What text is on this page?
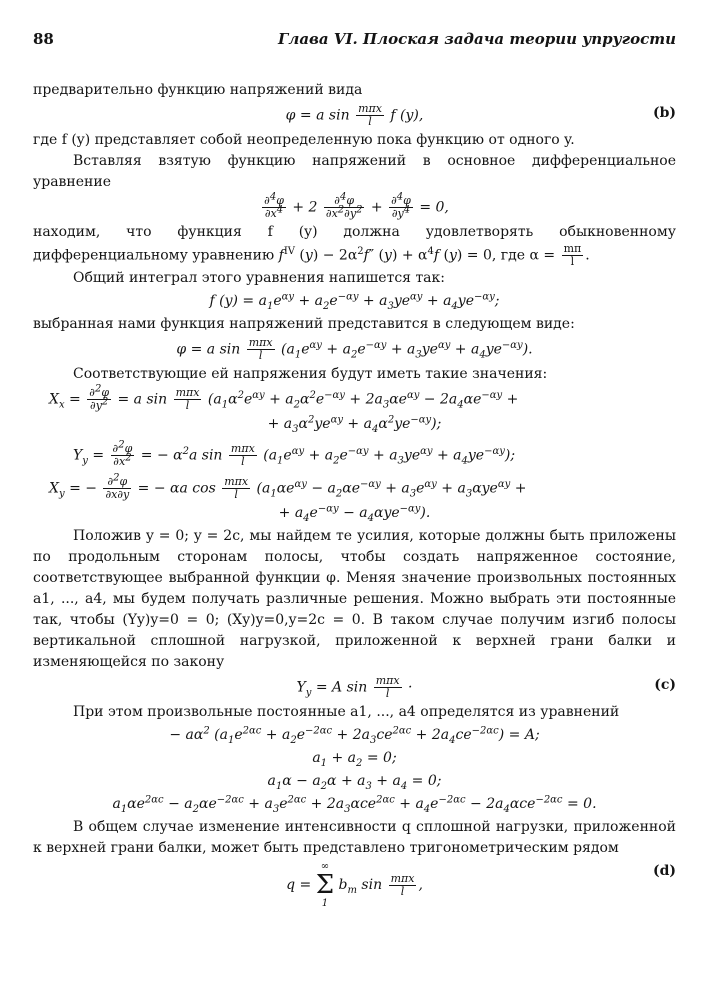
88	Глава VI. Плоская задача теории упругости

предварительно функцию напряжений вида

φ = a $\sin \frac{\text{mπx}}{l}$ f (y),	(b)

где f (y) представляет собой неопределенную пока функцию от одного y.

Вставляя взятую функцию напряжений в основное дифференциальное уравнение

$\frac{\partial^4\varphi}{\partial x^4} + 2 \frac{\partial^4\varphi}{\partial x^2\partial y^2} + \frac{\partial^4\varphi}{\partial y^4} = 0$,

находим, что функция f (y) должна удовлетворять обыкновенному дифференциальному уравнению $f^{IV}$ $(y) - 2\alpha^2f''$ $(y) + \alpha^4f$ (y) = 0, где $\alpha = \frac{m\pi}{l}$ .

Общий интеграл этого уравнения напишется так:

f $(y) = a_1e^{\alpha y} + a_2e^{-\alpha y} + a_3ye^{\alpha y} + a_4ye^{-\alpha y}$;

выбранная нами функция напряжений представится в следующем виде:

φ = a $\sin \frac{\text{mπx}}{l} (a_1e^{\alpha y} + a_2e^{-\alpha y} + a_3ye^{\alpha y} + a_4ye^{-\alpha y})$.

Соответствующие ей напряжения будут иметь такие значения:

$X_x = \frac{\partial^2\varphi}{\partial y^2} = a$ $\sin \frac{\text{mπx}}{l} (a_1\alpha^2e^{\alpha y} + a_2\alpha^2e^{-\alpha y} + 2a_3\alpha e^{\alpha y} - 2a_4\alpha e^{-\alpha y}$ +
+ $a_3\alpha^2ye^{\alpha y} + a_4\alpha^2ye^{-\alpha y}$);
$Y_y = \frac{\partial^2\varphi}{\partial x^2}$ = − $\alpha^2a$ $\sin \frac{\text{mπx}}{l} (a_1e^{\alpha y} + a_2e^{-\alpha y} + a_3ye^{\alpha y} + a_4ye^{-\alpha y})$;
$X_y$ = − $\frac{\partial^2\varphi}{\partial x\partial y}$ = − αa $\cos \frac{\text{mπx}}{l} (a_1\alpha e^{\alpha y} - a_2\alpha e^{-\alpha y} + a_3e^{\alpha y} + a_3\alpha ye^{\alpha y}$ +
+ $a_4e^{-\alpha y} - a_4\alpha ye^{-\alpha y}$).

Положив y = 0; y = 2c, мы найдем те усилия, которые должны быть приложены по продольным сторонам полосы, чтобы создать напряженное состояние, соответствующее выбранной функции φ. Меняя значение произвольных постоянных a1, ..., a4, мы будем получать различные решения. Можно выбрать эти постоянные так, чтобы (Yy)y=0 = 0; (Xy)y=0,y=2c = 0. В таком случае получим изгиб полосы вертикальной сплошной нагрузкой, приложенной к верхней грани балки и изменяющейся по закону

$Y_y = A$ $\sin \frac{\text{mπx}}{l}$ ·	(c)

При этом произвольные постоянные a1, ..., a4 определятся из уравнений

− $a\alpha^2$ $(a_1e^{2\alpha c} + a_2e^{-2\alpha c} + 2a_3ce^{2\alpha c} + 2a_4ce^{-2\alpha c}) = A$;
$a_1 + a_2 = 0$;
$a_1\alpha - a_2\alpha + a_3 + a_4 = 0$;
$a_1\alpha e^{2\alpha c} - a_2\alpha e^{-2\alpha c} + a_3e^{2\alpha c} + 2a_3\alpha ce^{2\alpha c} + a_4e^{-2\alpha c} - 2a_4\alpha ce^{-2\alpha c} = 0$.

В общем случае изменение интенсивности q сплошной нагрузки, приложенной к верхней грани балки, может быть представлено тригонометрическим рядом

q = ∞
Σ
1 $b_m$ $\sin \frac{\text{mπx}}{l}$ ,
(d)
